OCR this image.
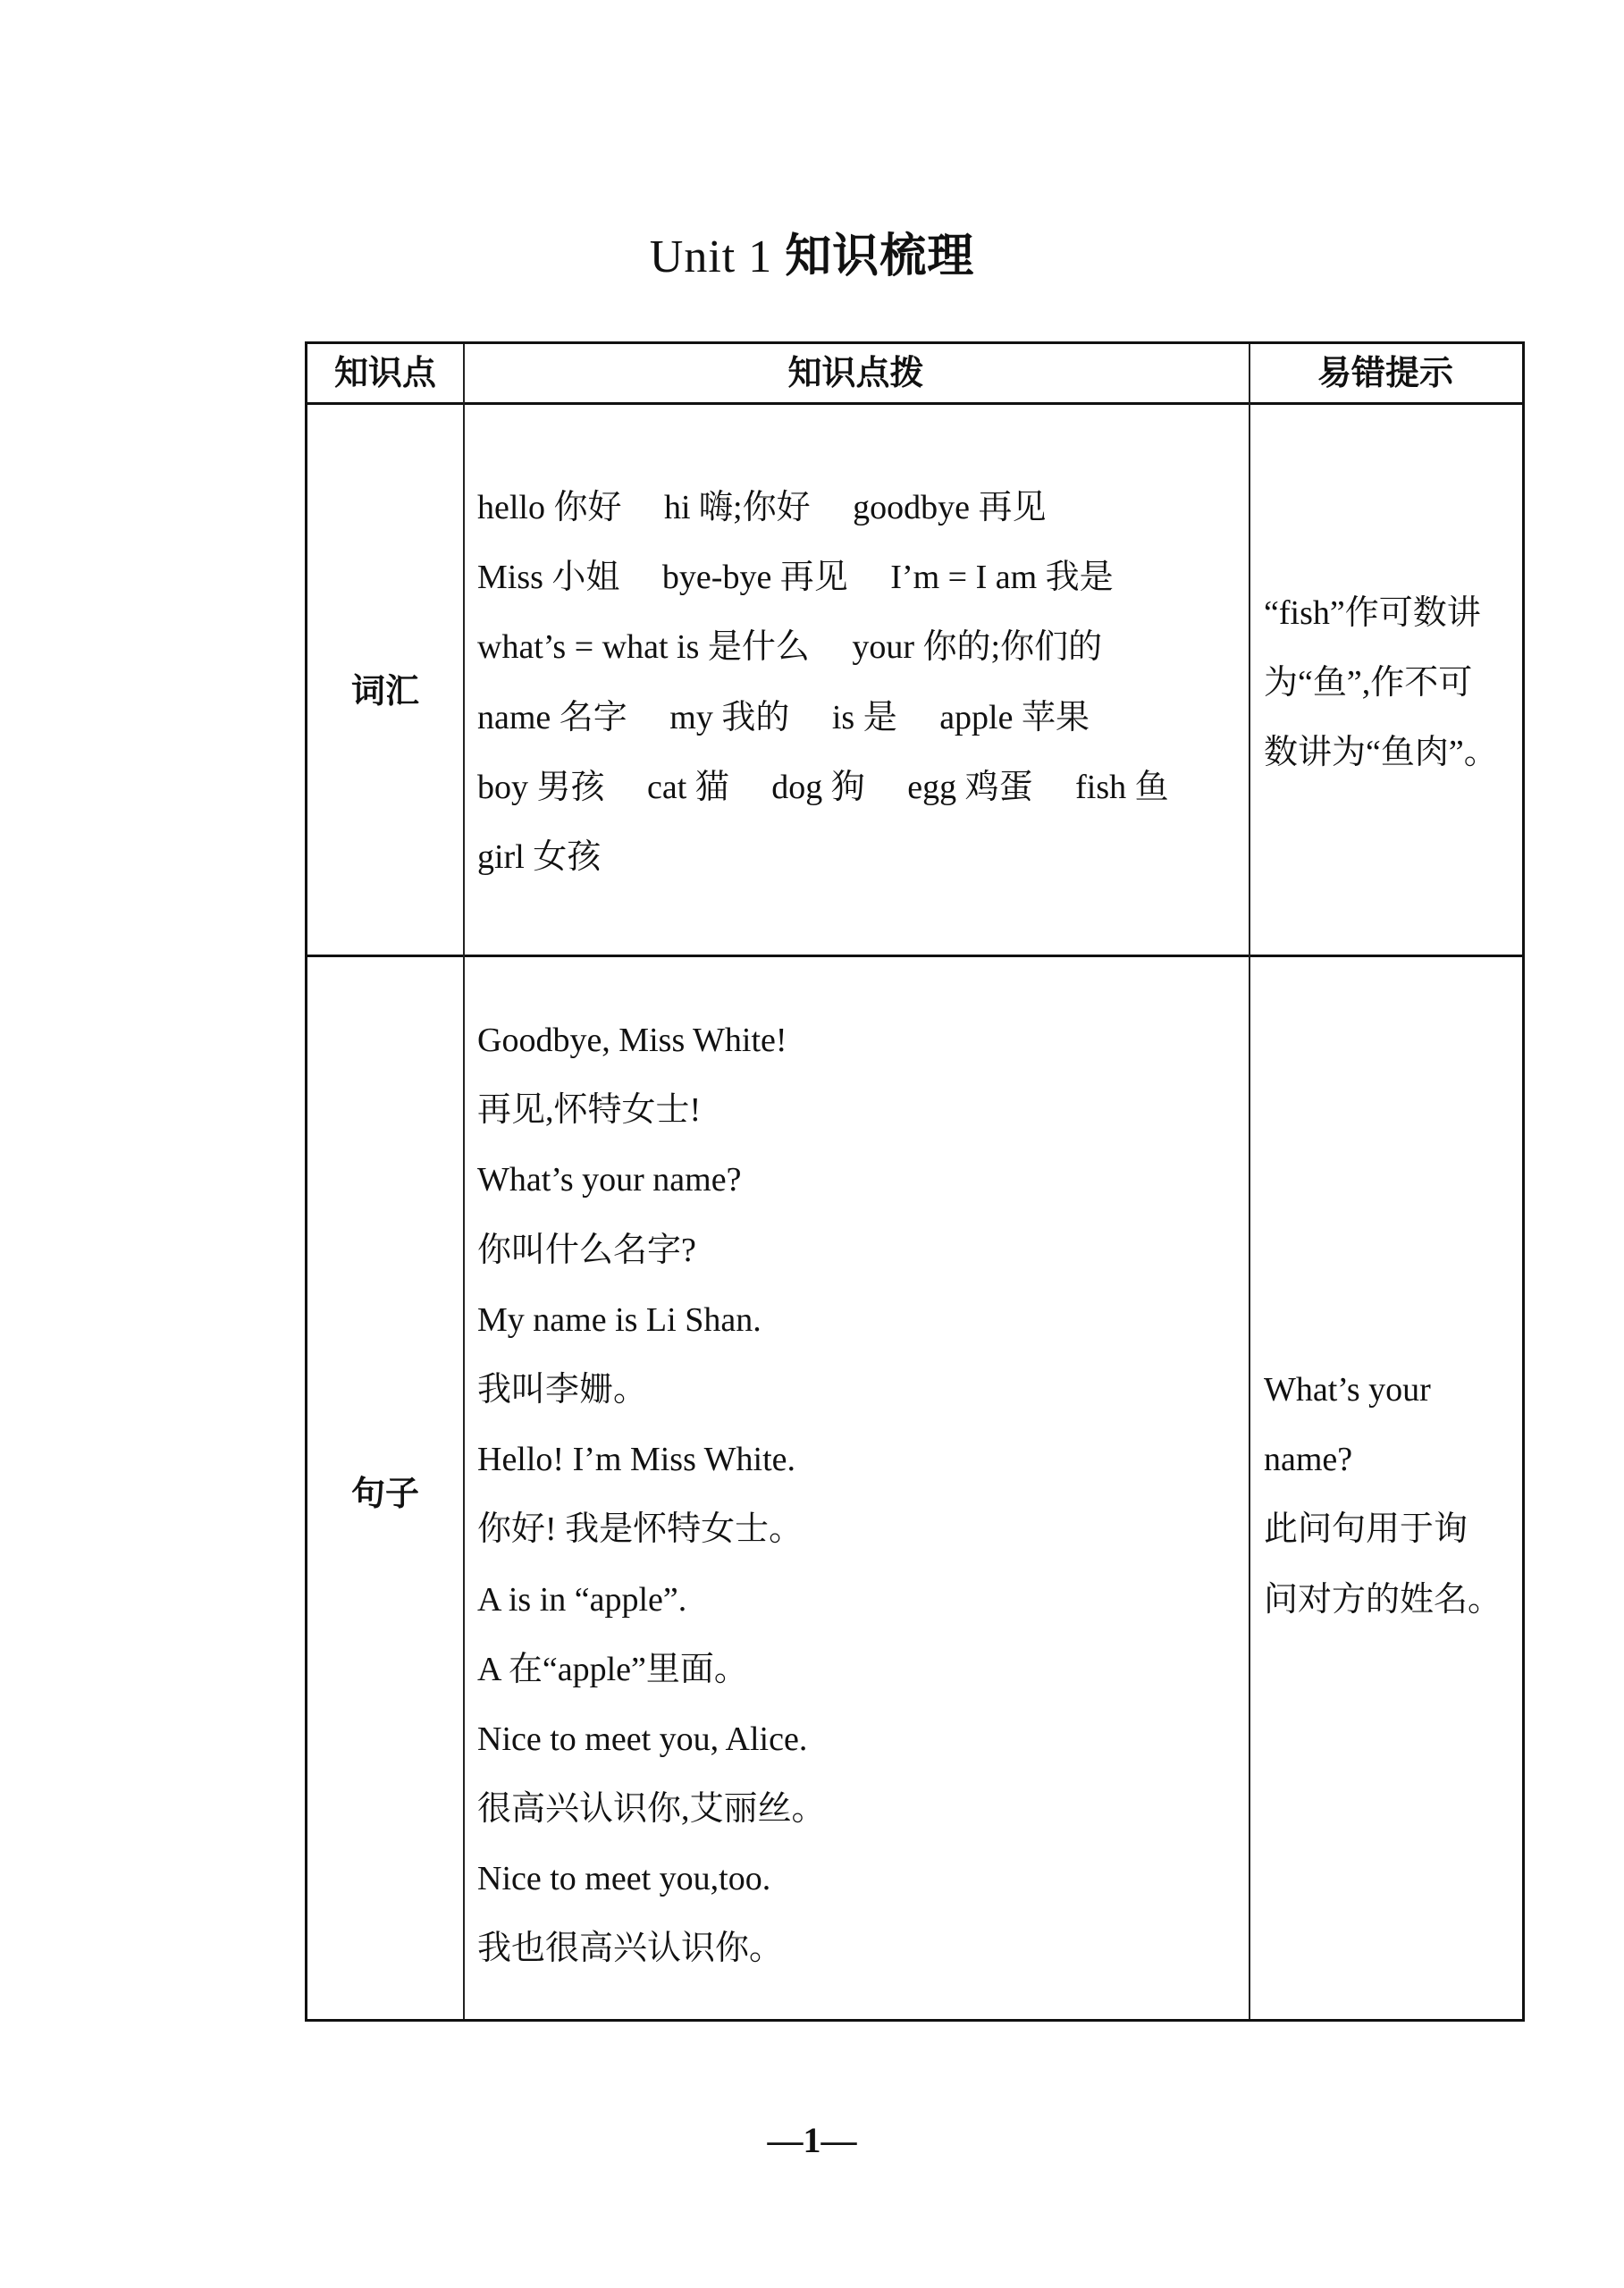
Unit 1 知识梳理
知识点	知识点拨	易错提示
词汇
hello 你好　 hi 嗨;你好　 goodbye 再见
Miss 小姐　 bye-bye 再见　 I’m = I am 我是
what’s = what is 是什么　 your 你的;你们的
name 名字　 my 我的　 is 是　 apple 苹果
boy 男孩　 cat 猫　 dog 狗　 egg 鸡蛋　 fish 鱼
girl 女孩
“fish”作可数讲
为“鱼”,作不可
数讲为“鱼肉”。
句子
Goodbye, Miss White!
再见,怀特女士!
What’s your name?
你叫什么名字?
My name is Li Shan.
我叫李姗。
Hello! I’m Miss White.
你好! 我是怀特女士。
A is in “apple”.
A 在“apple”里面。
Nice to meet you, Alice.
很高兴认识你,艾丽丝。
Nice to meet you,too.
我也很高兴认识你。
What’s your
name?
此问句用于询
问对方的姓名。
—1—
